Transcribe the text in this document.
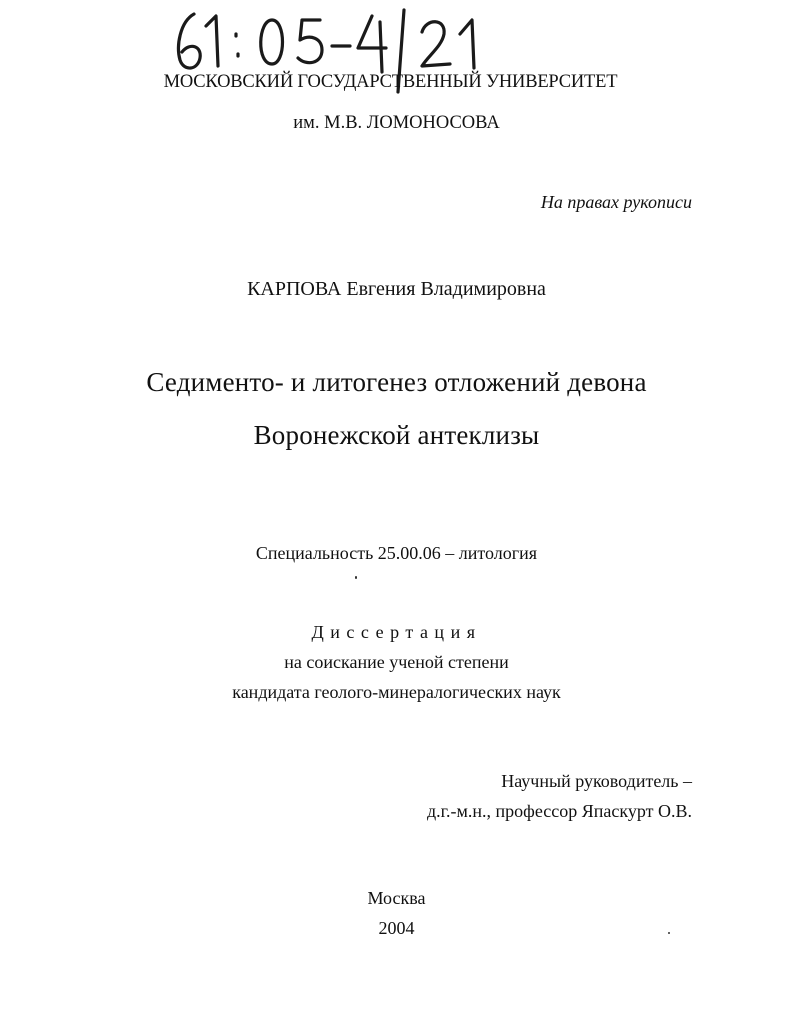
МОСКОВСКИЙ ГОСУДАРСТВЕННЫЙ УНИВЕРСИТЕТ
им. М.В. ЛОМОНОСОВА
На правах рукописи
КАРПОВА Евгения Владимировна
Седименто- и литогенез отложений девона
Воронежской антеклизы
Специальность 25.00.06 – литология
Диссертация
на соискание ученой степени
кандидата геолого-минералогических наук
Научный руководитель –
д.г.-м.н., профессор Япаскурт О.В.
Москва
2004
